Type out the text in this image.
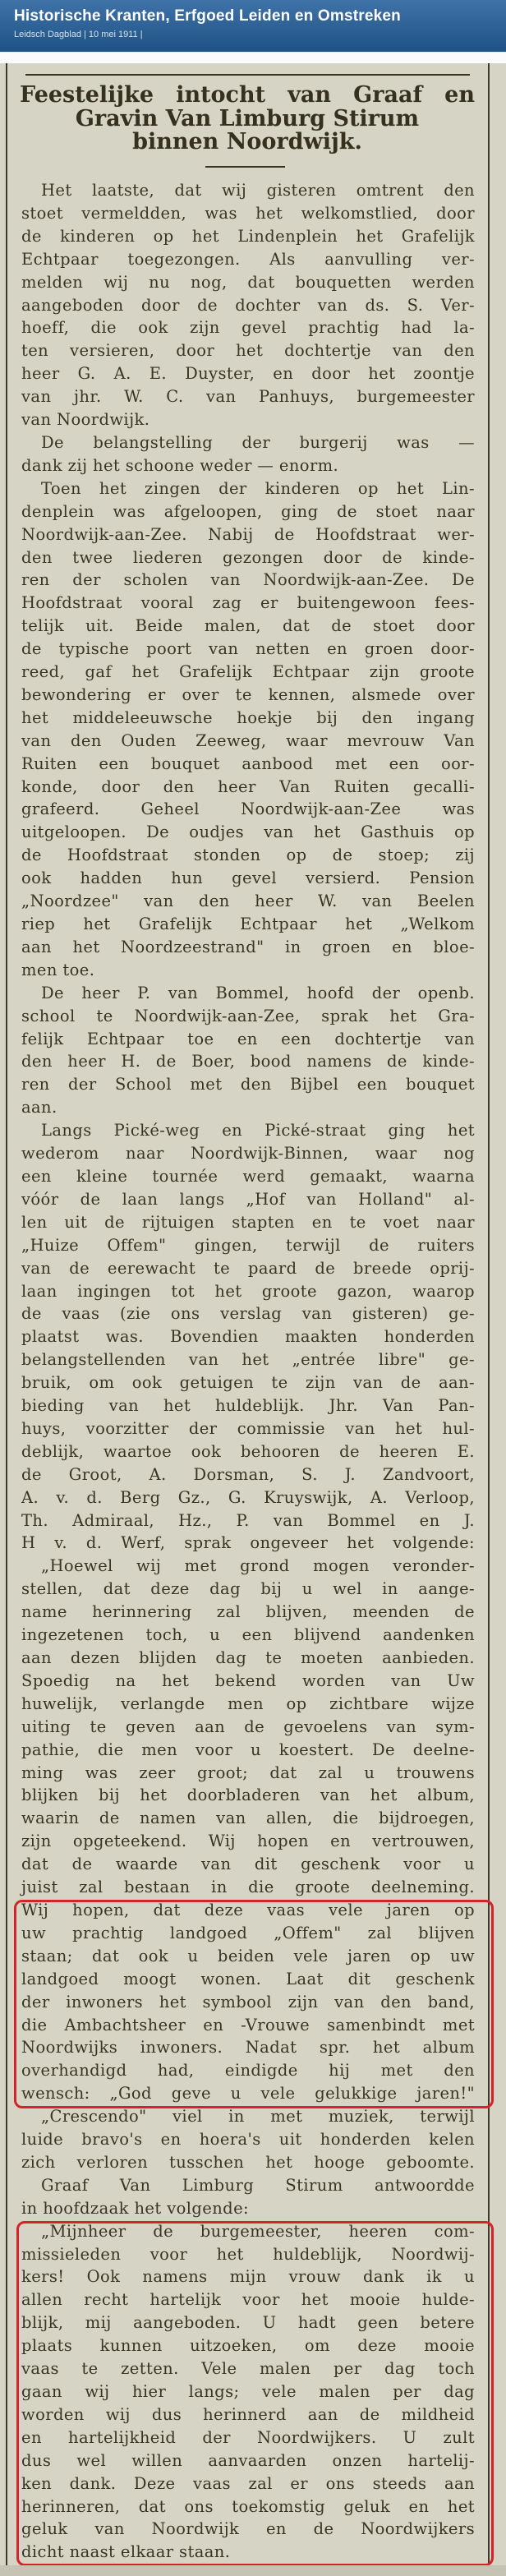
Historische Kranten, Erfgoed Leiden en Omstreken
Leidsch Dagblad | 10 mei 1911 |
Feestelijke intocht van Graaf en
Gravin Van Limburg Stirum
binnen Noordwijk.
Het laatste, dat wij gisteren omtrent den
stoet vermeldden, was het welkomstlied, door
de kinderen op het Lindenplein het Grafelijk
Echtpaar toegezongen. Als aanvulling ver-
melden wij nu nog, dat bouquetten werden
aangeboden door de dochter van ds. S. Ver-
hoeff, die ook zijn gevel prachtig had la-
ten versieren, door het dochtertje van den
heer G. A. E. Duyster, en door het zoontje
van jhr. W. C. van Panhuys, burgemeester
van Noordwijk.
De belangstelling der burgerij was —
dank zij het schoone weder — enorm.
Toen het zingen der kinderen op het Lin-
denplein was afgeloopen, ging de stoet naar
Noordwijk-aan-Zee. Nabij de Hoofdstraat wer-
den twee liederen gezongen door de kinde-
ren der scholen van Noordwijk-aan-Zee. De
Hoofdstraat vooral zag er buitengewoon fees-
telijk uit. Beide malen, dat de stoet door
de typische poort van netten en groen door-
reed, gaf het Grafelijk Echtpaar zijn groote
bewondering er over te kennen, alsmede over
het middeleeuwsche hoekje bij den ingang
van den Ouden Zeeweg, waar mevrouw Van
Ruiten een bouquet aanbood met een oor-
konde, door den heer Van Ruiten gecalli-
grafeerd. Geheel Noordwijk-aan-Zee was
uitgeloopen. De oudjes van het Gasthuis op
de Hoofdstraat stonden op de stoep; zij
ook hadden hun gevel versierd. Pension
„Noordzee" van den heer W. van Beelen
riep het Grafelijk Echtpaar het „Welkom
aan het Noordzeestrand" in groen en bloe-
men toe.
De heer P. van Bommel, hoofd der openb.
school te Noordwijk-aan-Zee, sprak het Gra-
felijk Echtpaar toe en een dochtertje van
den heer H. de Boer, bood namens de kinde-
ren der School met den Bijbel een bouquet
aan.
Langs Pické-weg en Pické-straat ging het
wederom naar Noordwijk-Binnen, waar nog
een kleine tournée werd gemaakt, waarna
vóór de laan langs „Hof van Holland" al-
len uit de rijtuigen stapten en te voet naar
„Huize Offem" gingen, terwijl de ruiters
van de eerewacht te paard de breede oprij-
laan ingingen tot het groote gazon, waarop
de vaas (zie ons verslag van gisteren) ge-
plaatst was. Bovendien maakten honderden
belangstellenden van het „entrée libre" ge-
bruik, om ook getuigen te zijn van de aan-
bieding van het huldeblijk. Jhr. Van Pan-
huys, voorzitter der commissie van het hul-
deblijk, waartoe ook behooren de heeren E.
de Groot, A. Dorsman, S. J. Zandvoort,
A. v. d. Berg Gz., G. Kruyswijk, A. Verloop,
Th. Admiraal, Hz., P. van Bommel en J.
H v. d. Werf, sprak ongeveer het volgende:
„Hoewel wij met grond mogen veronder-
stellen, dat deze dag bij u wel in aange-
name herinnering zal blijven, meenden de
ingezetenen toch, u een blijvend aandenken
aan dezen blijden dag te moeten aanbieden.
Spoedig na het bekend worden van Uw
huwelijk, verlangde men op zichtbare wijze
uiting te geven aan de gevoelens van sym-
pathie, die men voor u koestert. De deelne-
ming was zeer groot; dat zal u trouwens
blijken bij het doorbladeren van het album,
waarin de namen van allen, die bijdroegen,
zijn opgeteekend. Wij hopen en vertrouwen,
dat de waarde van dit geschenk voor u
juist zal bestaan in die groote deelneming.
Wij hopen, dat deze vaas vele jaren op
uw prachtig landgoed „Offem" zal blijven
staan; dat ook u beiden vele jaren op uw
landgoed moogt wonen. Laat dit geschenk
der inwoners het symbool zijn van den band,
die Ambachtsheer en -Vrouwe samenbindt met
Noordwijks inwoners. Nadat spr. het album
overhandigd had, eindigde hij met den
wensch: „God geve u vele gelukkige jaren!"
„Crescendo" viel in met muziek, terwijl
luide bravo's en hoera's uit honderden kelen
zich verloren tusschen het hooge geboomte.
Graaf Van Limburg Stirum antwoordde
in hoofdzaak het volgende:
„Mijnheer de burgemeester, heeren com-
missieleden voor het huldeblijk, Noordwij-
kers! Ook namens mijn vrouw dank ik u
allen recht hartelijk voor het mooie hulde-
blijk, mij aangeboden. U hadt geen betere
plaats kunnen uitzoeken, om deze mooie
vaas te zetten. Vele malen per dag toch
gaan wij hier langs; vele malen per dag
worden wij dus herinnerd aan de mildheid
en hartelijkheid der Noordwijkers. U zult
dus wel willen aanvaarden onzen hartelij-
ken dank. Deze vaas zal er ons steeds aan
herinneren, dat ons toekomstig geluk en het
geluk van Noordwijk en de Noordwijkers
dicht naast elkaar staan.
